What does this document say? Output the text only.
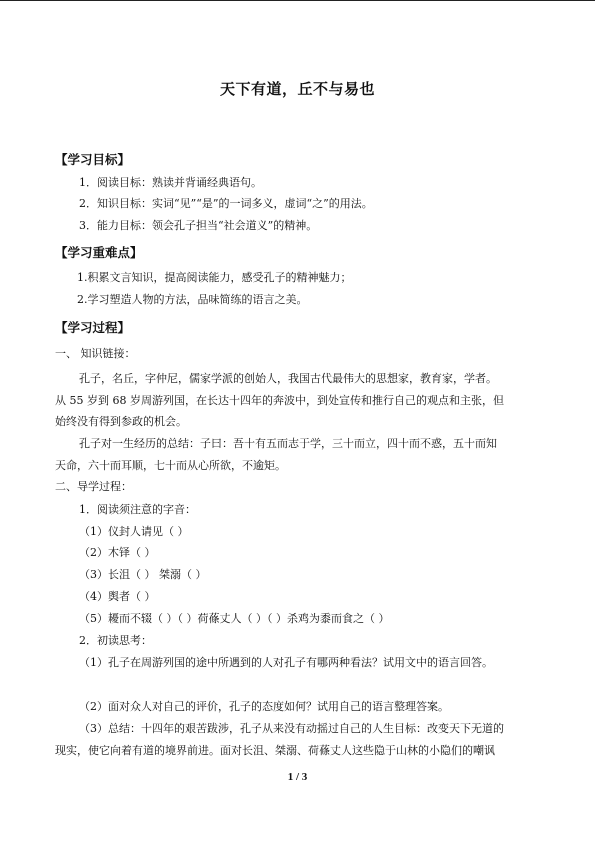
天下有道，丘不与易也
【学习目标】
1．阅读目标：熟读并背诵经典语句。
2．知识目标：实词“见”“是”的一词多义，虚词“之”的用法。
3．能力目标：领会孔子担当“社会道义”的精神。
【学习重难点】
1.积累文言知识，提高阅读能力，感受孔子的精神魅力；
2.学习塑造人物的方法，品味简练的语言之美。
【学习过程】
一、 知识链接：
孔子，名丘，字仲尼，儒家学派的创始人，我国古代最伟大的思想家，教育家，学者。
从 55 岁到 68 岁周游列国，在长达十四年的奔波中，到处宣传和推行自己的观点和主张，但
始终没有得到参政的机会。
孔子对一生经历的总结：子曰：吾十有五而志于学，三十而立，四十而不惑，五十而知
天命，六十而耳顺，七十而从心所欲，不逾矩。
二、导学过程：
1．阅读须注意的字音：
（1）仪封人请见（ ）
（2）木铎（ ）
（3）长沮（ ） 桀溺（ ）
（4）舆者（ ）
（5）耰而不辍（ ）（ ）荷蓧丈人（ ）（ ）杀鸡为黍而食之（ ）
2．初读思考：
（1）孔子在周游列国的途中所遇到的人对孔子有哪两种看法？试用文中的语言回答。
（2）面对众人对自己的评价，孔子的态度如何？试用自己的语言整理答案。
（3）总结：十四年的艰苦跋涉，孔子从来没有动摇过自己的人生目标：改变天下无道的
现实，使它向着有道的境界前进。面对长沮、桀溺、荷蓧丈人这些隐于山林的小隐们的嘲讽
1 / 3
